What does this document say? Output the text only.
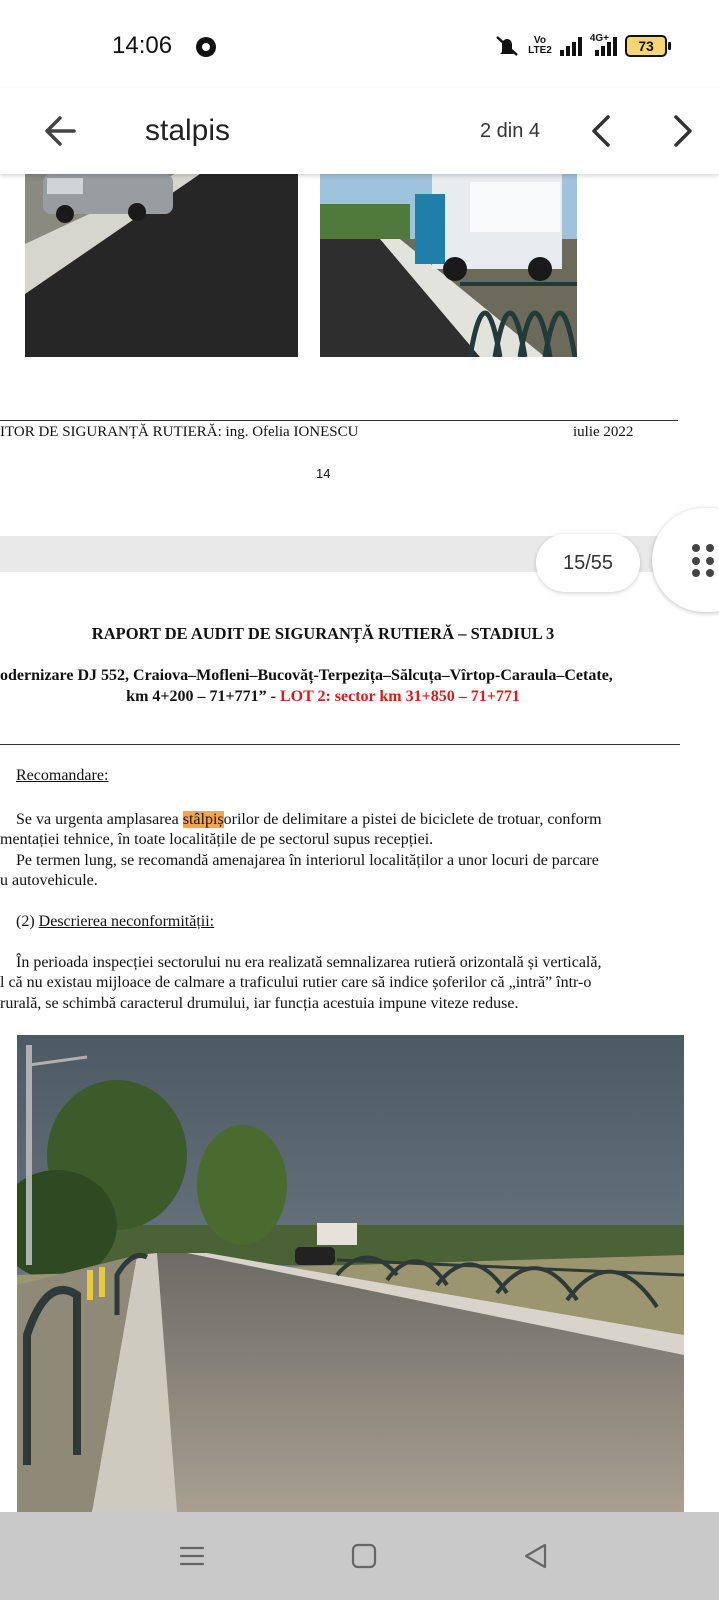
14:06	Vo
LTE2
4G+ 73
stalpis	2 din 4
ITOR DE SIGURANȚĂ RUTIERĂ: ing. Ofelia IONESCU	iulie 2022
14
RAPORT DE AUDIT DE SIGURANȚĂ RUTIERĂ – STADIUL 3
odernizare DJ 552, Craiova–Mofleni–Bucovăț-Terpezița–Sălcuța–Vîrtop-Caraula–Cetate,
km 4+200 – 71+771” - LOT 2: sector km 31+850 – 71+771
Recomandare:
Se va urgenta amplasarea stâlpișorilor de delimitare a pistei de biciclete de trotuar, conform
mentației tehnice, în toate localitățile de pe sectorul supus recepției.
Pe termen lung, se recomandă amenajarea în interiorul localităților a unor locuri de parcare
u autovehicule.
(2) Descrierea neconformității:
În perioada inspecției sectorului nu era realizată semnalizarea rutieră orizontală și verticală,
l că nu existau mijloace de calmare a traficului rutier care să indice șoferilor că „intră” într-o
rurală, se schimbă caracterul drumului, iar funcția acestuia impune viteze reduse.
15/55
